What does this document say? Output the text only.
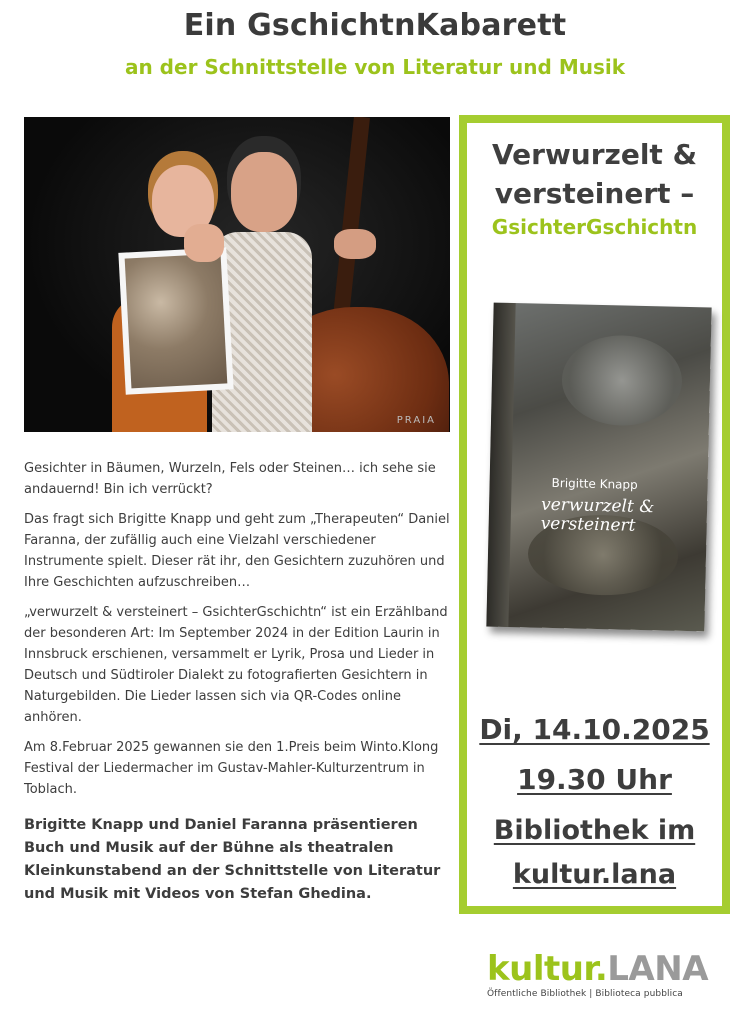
Ein GschichtnKabarett
an der Schnittstelle von Literatur und Musik
PRAIA

Gesichter in Bäumen, Wurzeln, Fels oder Steinen… ich sehe sie andauernd! Bin ich verrückt?

Das fragt sich Brigitte Knapp und geht zum „Therapeuten“ Daniel Faranna, der zufällig auch eine Vielzahl verschiedener Instrumente spielt. Dieser rät ihr, den Gesichtern zuzuhören und Ihre Geschichten aufzuschreiben…

„verwurzelt & versteinert – GsichterGschichtn“ ist ein Erzählband der besonderen Art: Im September 2024 in der Edition Laurin in Innsbruck erschienen, versammelt er Lyrik, Prosa und Lieder in Deutsch und Südtiroler Dialekt zu fotografierten Gesichtern in Naturgebilden. Die Lieder lassen sich via QR-Codes online anhören.

Am 8.Februar 2025 gewannen sie den 1.Preis beim Winto.Klong Festival der Liedermacher im Gustav-Mahler-Kulturzentrum in Toblach.

Brigitte Knapp und Daniel Faranna präsentieren Buch und Musik auf der Bühne als theatralen Kleinkunstabend an der Schnittstelle von Literatur und Musik mit Videos von Stefan Ghedina.

Verwurzelt & versteinert –
GsichterGschichtn
Brigitte Knapp
verwurzelt & versteinert
Di, 14.10.2025
19.30 Uhr
Bibliothek im kultur.lana
kultur.LANA
Öffentliche Bibliothek | Biblioteca pubblica
